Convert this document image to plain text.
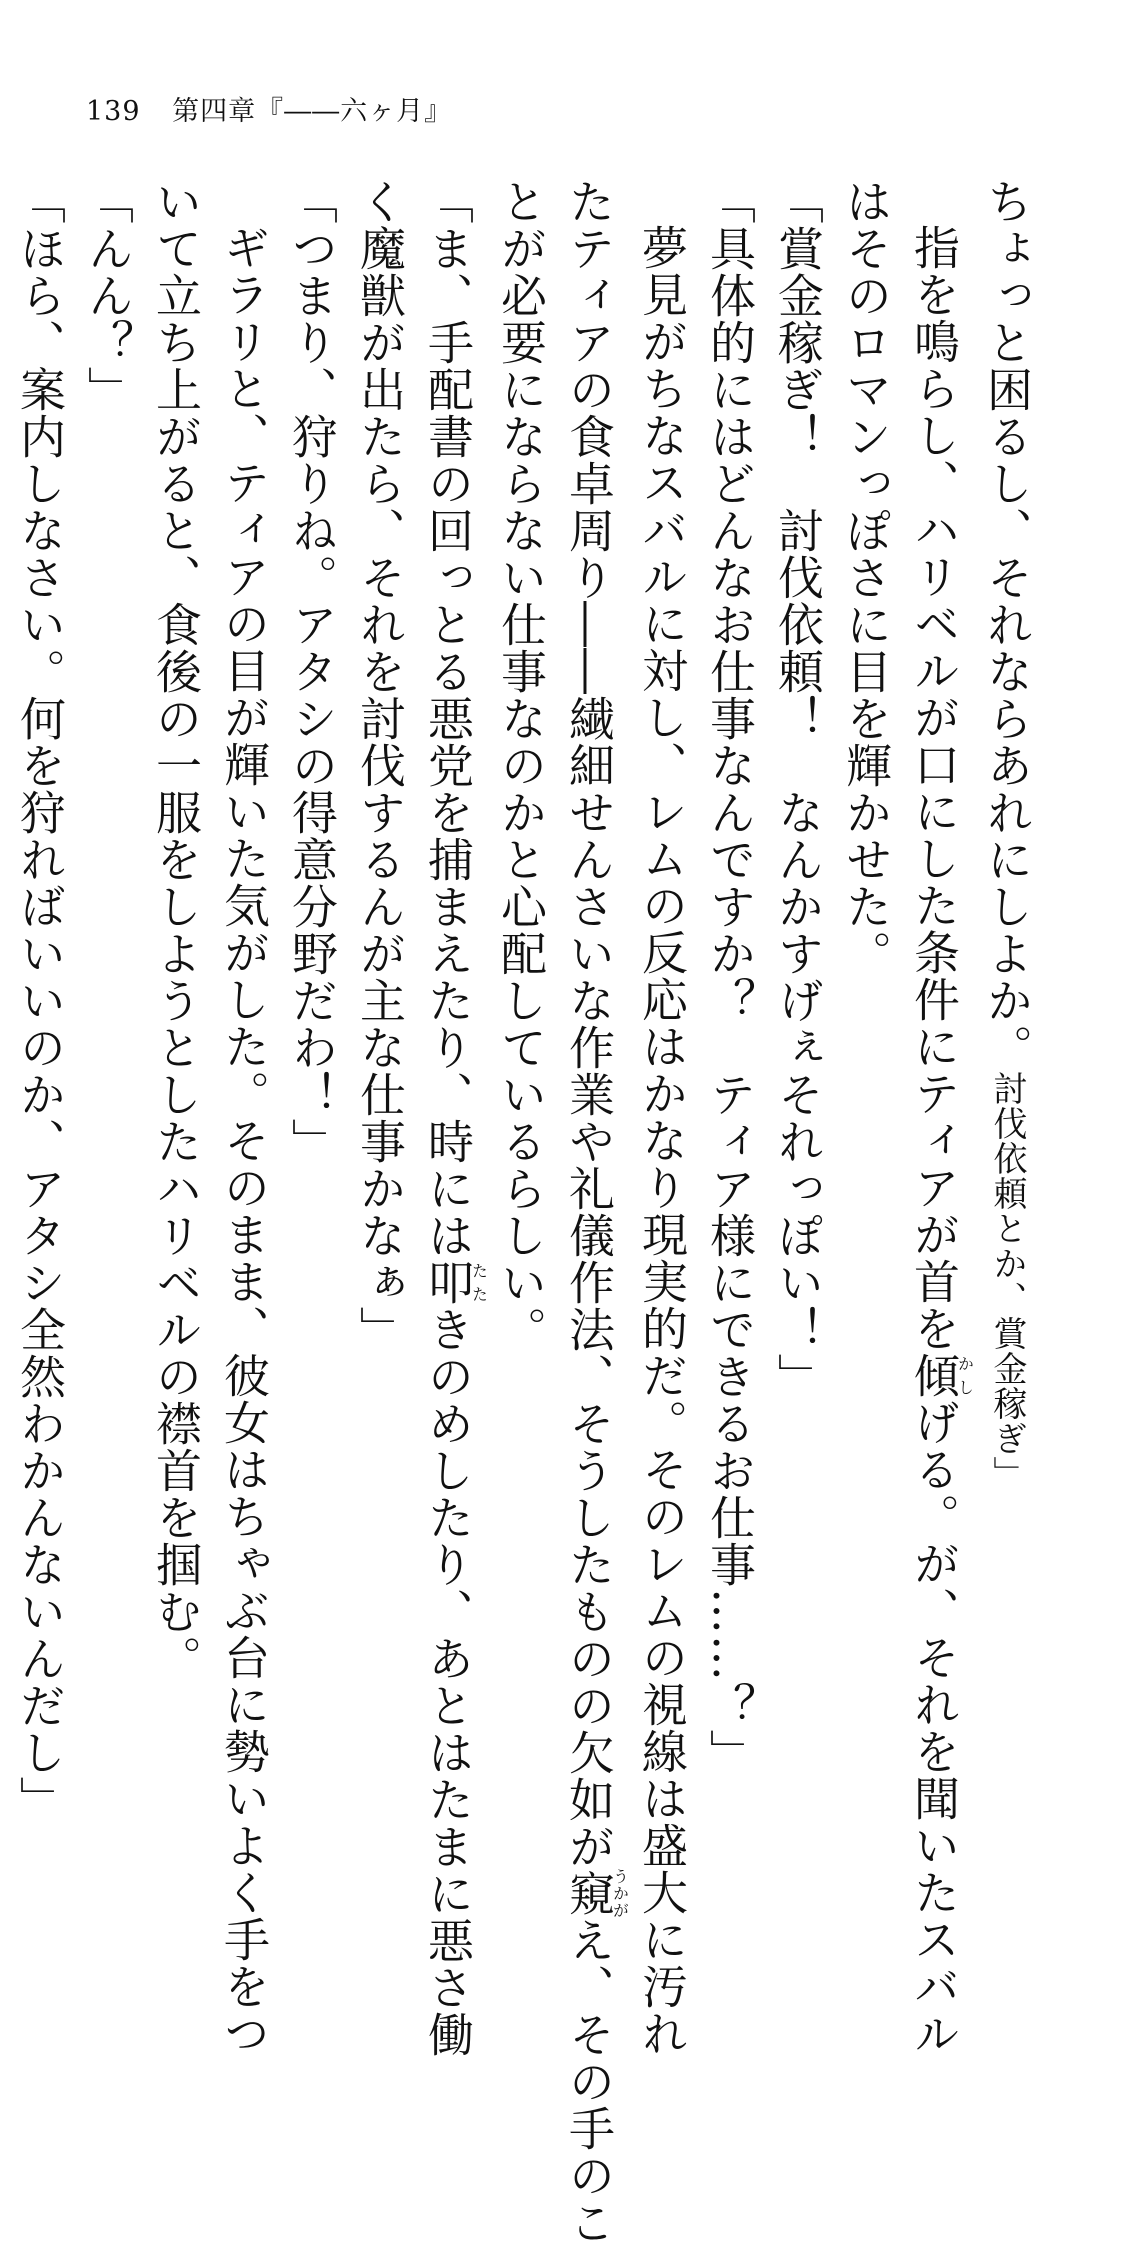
139 第四章『――六ヶ月』
ちょっと困るし、それならあれにしよか。討伐依頼とか、賞金稼ぎ」
指を鳴らし、ハリベルが口にした条件にティアが首を傾かしげる。が、それを聞いたスバル
はそのロマンっぽさに目を輝かせた。
「賞金稼ぎ！　討伐依頼！　なんかすげぇそれっぽい！」
「具体的にはどんなお仕事なんですか？　ティア様にできるお仕事……？」
夢見がちなスバルに対し、レムの反応はかなり現実的だ。そのレムの視線は盛大に汚れ
たティアの食卓周り――繊細せんさいな作業や礼儀作法、そうしたものの欠如が窺うかがえ、その手のこ
とが必要にならない仕事なのかと心配しているらしい。
「ま、手配書の回っとる悪党を捕まえたり、時には叩たたきのめしたり、あとはたまに悪さ働
く魔獣が出たら、それを討伐するんが主な仕事かなぁ」
「つまり、狩りね。アタシの得意分野だわ！」
ギラリと、ティアの目が輝いた気がした。そのまま、彼女はちゃぶ台に勢いよく手をつ
いて立ち上がると、食後の一服をしようとしたハリベルの襟首を掴む。
「んん？」
「ほら、案内しなさい。何を狩ればいいのか、アタシ全然わかんないんだし」
